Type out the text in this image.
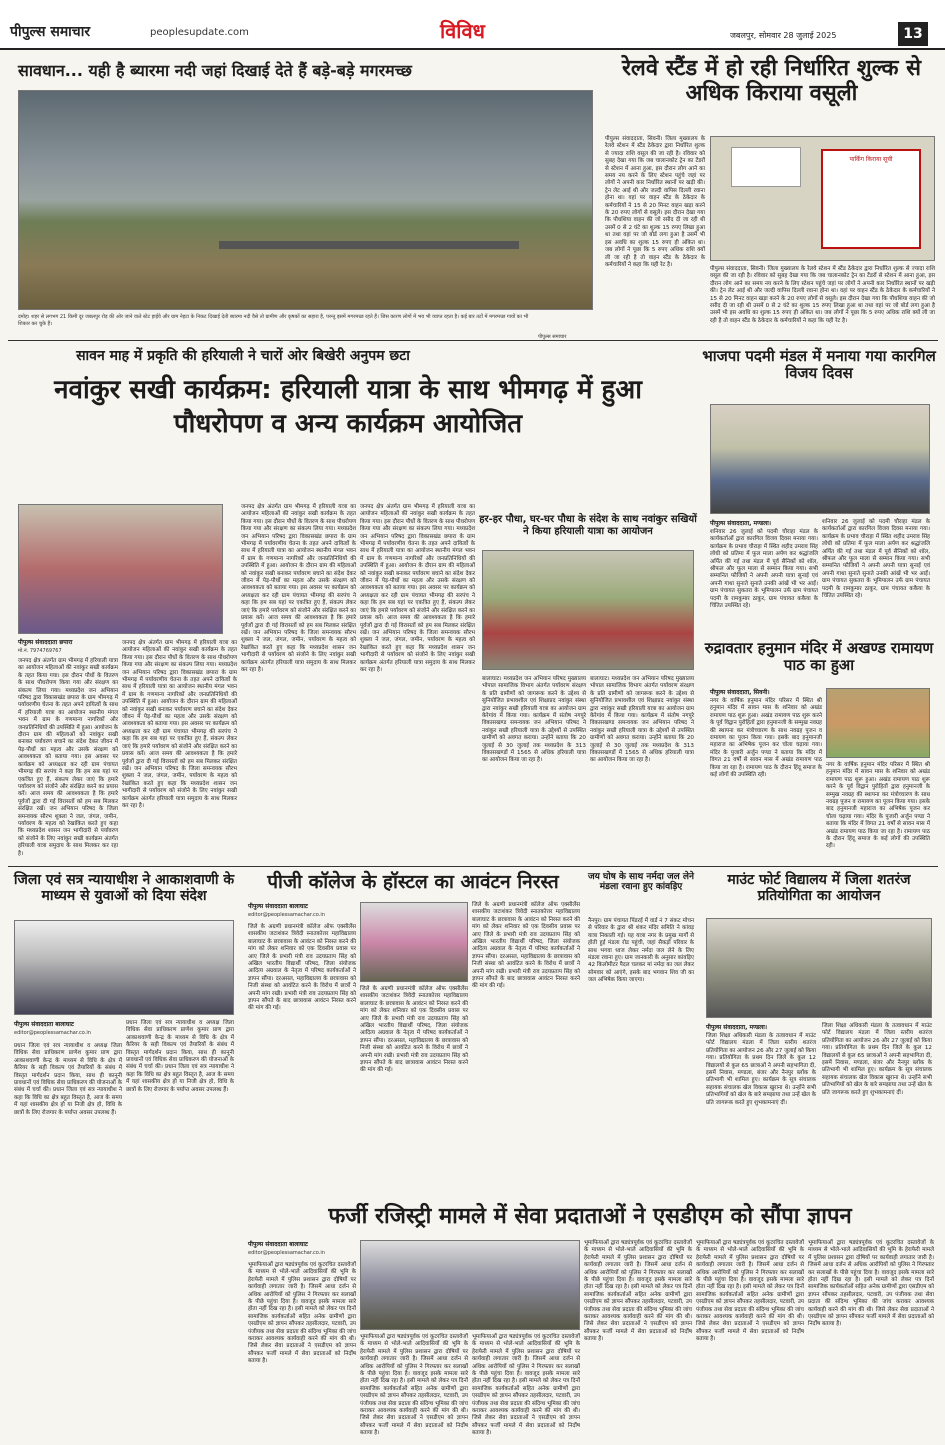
पीपुल्स समाचार	peoplesupdate.com	विविध	जबलपुर, सोमवार 28 जुलाई 2025	13
सावधान... यही है ब्यारमा नदी जहां दिखाई देते हैं बड़े-बड़े मगरमच्छ
दमोह। शहर से लगभग 21 किमी दूर जबलपुर रोड़ की ओर जाने वाले स्टेट हाईवे और ग्राम नेहटा के निकट दिखाई देती ब्यारमा नदी वैसे तो ग्रामीण और कृषकों का सहारा है, परन्तु इसमें मगरमच्छ रहते हैं। जिस कारण लोगों में भय भी व्याप्त रहता है। कई बार तटों में मगरमच्छ गायों का भी शिकार कर चुके हैं।
पीपुल्स समाचार
रेलवे स्टैंड में हो रही निर्धारित शुल्क से अधिक किराया वसूली
पार्किंग किराया सूची
पीपुल्स संवाददाता, सिवनी। जिला मुख्यालय के रेलवे स्टेशन में स्टैंड ठेकेदार द्वारा निर्धारित शुल्क से ज्यादा राशि वसूल की जा रही है। रविवार को सुबह देखा गया कि जब चालानकोट ट्रेन का टेंडरों से स्टेशन में आना हुआ, इस दौरान लोग आने का समय नय करने के लिए स्टेशन पहुंचे जहां पर लोगों ने अपनी कार निर्धारित स्थानों पर खड़ी की। ट्रेन लेट आई थी और जल्दी वापिस दिल्ली रवाना होना था। वहां पर वाहन स्टैंड के ठेकेदार के कर्मचारियों ने 15 से 20 मिनट वाहन खड़ा करने के 20 रुपए लोगों से वसूले। इस दौरान देखा गया कि पौधशिया वाहन की जो रसीद दी जा रही थी उसमें 0 से 2 घंटे का शुल्क 15 रुपए लिखा हुआ था तथा वहां पर जो बोर्ड लगा हुआ है उसमें भी इस अवधि का शुल्क 15 रुपए ही अंकित था। जब लोगों ने पूछा कि 5 रुपए अधिक राशि क्यों ली जा रही है तो वाहन स्टैंड के ठेकेदार के कर्मचारियों ने कहा कि यही रेट है।
पीपुल्स संवाददाता, सिवनी। जिला मुख्यालय के रेलवे स्टेशन में स्टैंड ठेकेदार द्वारा निर्धारित शुल्क से ज्यादा राशि वसूल की जा रही है। रविवार को सुबह देखा गया कि जब चालानकोट ट्रेन का टेंडरों से स्टेशन में आना हुआ, इस दौरान लोग आने का समय नय करने के लिए स्टेशन पहुंचे जहां पर लोगों ने अपनी कार निर्धारित स्थानों पर खड़ी की। ट्रेन लेट आई थी और जल्दी वापिस दिल्ली रवाना होना था। वहां पर वाहन स्टैंड के ठेकेदार के कर्मचारियों ने 15 से 20 मिनट वाहन खड़ा करने के 20 रुपए लोगों से वसूले। इस दौरान देखा गया कि पौधशिया वाहन की जो रसीद दी जा रही थी उसमें 0 से 2 घंटे का शुल्क 15 रुपए लिखा हुआ था तथा वहां पर जो बोर्ड लगा हुआ है उसमें भी इस अवधि का शुल्क 15 रुपए ही अंकित था। जब लोगों ने पूछा कि 5 रुपए अधिक राशि क्यों ली जा रही है तो वाहन स्टैंड के ठेकेदार के कर्मचारियों ने कहा कि यही रेट है।
सावन माह में प्रकृति की हरियाली ने चारों ओर बिखेरी अनुपम छटा
नवांकुर सखी कार्यक्रम: हरियाली यात्रा के साथ भीमगढ़ में हुआ पौधरोपण व अन्य कार्यक्रम आयोजित
पीपुल्स संवाददाता छपारा
मो.नं. 7974769767
जनपद क्षेत्र अंतर्गत ग्राम भीमगढ़ में हरियाली यात्रा का आयोजन महिलाओं की नवांकुर सखी कार्यक्रम के तहत किया गया। इस दौरान पौधों के वितरण के साथ पौधरोपण किया गया और संरक्षण का संकल्प लिया गया। मध्यप्रदेश जन अभियान परिषद द्वारा विकासखंड छपारा के ग्राम भीमगढ़ में पर्यावरणीय चेतना के तहत अपने दायित्वों के साथ में हरियाली यात्रा का आयोजन स्थानीय मंगल भवन में ग्राम के गणमान्य नागरिकों और जनप्रतिनिधियों की उपस्थिति में हुआ। आयोजन के दौरान ग्राम की महिलाओं को नवांकुर सखी बनाकर पर्यावरण बचाने का संदेश देकर जीवन में पेड़-पौधों का महत्व और उसके संरक्षण को आवश्यकता को बताया गया। इस अवसर पर कार्यक्रम को अध्यक्षता कर रही ग्राम पंचायत भीमगढ़ की सरपंच ने कहा कि हम सब यहां पर एकत्रित हुए हैं, संकल्प लेकर जाएं कि हमारे पर्यावरण को संजोने और संरक्षित करने का प्रयास करें। आज समय की आवश्यकता है कि हमारे पूर्वजों द्वारा दी गई विरासतों को हम सब मिलकर संरक्षित रखें। जन अभियान परिषद के जिला समन्वयक सौरभ शुक्ला ने जल, जंगल, जमीन, पर्यावरण के महत्व को रेखांकित करते हुए कहा कि मध्यप्रदेश शासन जन भागीदारी से पर्यावरण को संजोने के लिए नवांकुर सखी कार्यक्रम अंतर्गत हरियाली यात्रा समुदाय के साथ मिलकर कर रहा है।
जनपद क्षेत्र अंतर्गत ग्राम भीमगढ़ में हरियाली यात्रा का आयोजन महिलाओं की नवांकुर सखी कार्यक्रम के तहत किया गया। इस दौरान पौधों के वितरण के साथ पौधरोपण किया गया और संरक्षण का संकल्प लिया गया। मध्यप्रदेश जन अभियान परिषद द्वारा विकासखंड छपारा के ग्राम भीमगढ़ में पर्यावरणीय चेतना के तहत अपने दायित्वों के साथ में हरियाली यात्रा का आयोजन स्थानीय मंगल भवन में ग्राम के गणमान्य नागरिकों और जनप्रतिनिधियों की उपस्थिति में हुआ। आयोजन के दौरान ग्राम की महिलाओं को नवांकुर सखी बनाकर पर्यावरण बचाने का संदेश देकर जीवन में पेड़-पौधों का महत्व और उसके संरक्षण को आवश्यकता को बताया गया। इस अवसर पर कार्यक्रम को अध्यक्षता कर रही ग्राम पंचायत भीमगढ़ की सरपंच ने कहा कि हम सब यहां पर एकत्रित हुए हैं, संकल्प लेकर जाएं कि हमारे पर्यावरण को संजोने और संरक्षित करने का प्रयास करें। आज समय की आवश्यकता है कि हमारे पूर्वजों द्वारा दी गई विरासतों को हम सब मिलकर संरक्षित रखें। जन अभियान परिषद के जिला समन्वयक सौरभ शुक्ला ने जल, जंगल, जमीन, पर्यावरण के महत्व को रेखांकित करते हुए कहा कि मध्यप्रदेश शासन जन भागीदारी से पर्यावरण को संजोने के लिए नवांकुर सखी कार्यक्रम अंतर्गत हरियाली यात्रा समुदाय के साथ मिलकर कर रहा है।
जनपद क्षेत्र अंतर्गत ग्राम भीमगढ़ में हरियाली यात्रा का आयोजन महिलाओं की नवांकुर सखी कार्यक्रम के तहत किया गया। इस दौरान पौधों के वितरण के साथ पौधरोपण किया गया और संरक्षण का संकल्प लिया गया। मध्यप्रदेश जन अभियान परिषद द्वारा विकासखंड छपारा के ग्राम भीमगढ़ में पर्यावरणीय चेतना के तहत अपने दायित्वों के साथ में हरियाली यात्रा का आयोजन स्थानीय मंगल भवन में ग्राम के गणमान्य नागरिकों और जनप्रतिनिधियों की उपस्थिति में हुआ। आयोजन के दौरान ग्राम की महिलाओं को नवांकुर सखी बनाकर पर्यावरण बचाने का संदेश देकर जीवन में पेड़-पौधों का महत्व और उसके संरक्षण को आवश्यकता को बताया गया। इस अवसर पर कार्यक्रम को अध्यक्षता कर रही ग्राम पंचायत भीमगढ़ की सरपंच ने कहा कि हम सब यहां पर एकत्रित हुए हैं, संकल्प लेकर जाएं कि हमारे पर्यावरण को संजोने और संरक्षित करने का प्रयास करें। आज समय की आवश्यकता है कि हमारे पूर्वजों द्वारा दी गई विरासतों को हम सब मिलकर संरक्षित रखें। जन अभियान परिषद के जिला समन्वयक सौरभ शुक्ला ने जल, जंगल, जमीन, पर्यावरण के महत्व को रेखांकित करते हुए कहा कि मध्यप्रदेश शासन जन भागीदारी से पर्यावरण को संजोने के लिए नवांकुर सखी कार्यक्रम अंतर्गत हरियाली यात्रा समुदाय के साथ मिलकर कर रहा है।
जनपद क्षेत्र अंतर्गत ग्राम भीमगढ़ में हरियाली यात्रा का आयोजन महिलाओं की नवांकुर सखी कार्यक्रम के तहत किया गया। इस दौरान पौधों के वितरण के साथ पौधरोपण किया गया और संरक्षण का संकल्प लिया गया। मध्यप्रदेश जन अभियान परिषद द्वारा विकासखंड छपारा के ग्राम भीमगढ़ में पर्यावरणीय चेतना के तहत अपने दायित्वों के साथ में हरियाली यात्रा का आयोजन स्थानीय मंगल भवन में ग्राम के गणमान्य नागरिकों और जनप्रतिनिधियों की उपस्थिति में हुआ। आयोजन के दौरान ग्राम की महिलाओं को नवांकुर सखी बनाकर पर्यावरण बचाने का संदेश देकर जीवन में पेड़-पौधों का महत्व और उसके संरक्षण को आवश्यकता को बताया गया। इस अवसर पर कार्यक्रम को अध्यक्षता कर रही ग्राम पंचायत भीमगढ़ की सरपंच ने कहा कि हम सब यहां पर एकत्रित हुए हैं, संकल्प लेकर जाएं कि हमारे पर्यावरण को संजोने और संरक्षित करने का प्रयास करें। आज समय की आवश्यकता है कि हमारे पूर्वजों द्वारा दी गई विरासतों को हम सब मिलकर संरक्षित रखें। जन अभियान परिषद के जिला समन्वयक सौरभ शुक्ला ने जल, जंगल, जमीन, पर्यावरण के महत्व को रेखांकित करते हुए कहा कि मध्यप्रदेश शासन जन भागीदारी से पर्यावरण को संजोने के लिए नवांकुर सखी कार्यक्रम अंतर्गत हरियाली यात्रा समुदाय के साथ मिलकर कर रहा है।
हर-हर पौधा, घर-घर पौधा के संदेश के साथ नवांकुर सखियों ने किया हरियाली यात्रा का आयोजन
बालाघाट। मध्यप्रदेश जन अभियान परिषद मुख्यालय भोपाल सामाजिक विभाग अंतर्गत पर्यावरण संरक्षण के प्रति ग्रामीणों को जागरूक करने के उद्देश्य से सुनियोजित प्रभावशील एवं शिक्षाप्रद नवांकुर संस्था द्वारा नवांकुर सखी हरियाली यात्रा का आयोजन ग्राम केरेगांव में किया गया। कार्यक्रम में संतोष नगपुरे विकासखण्ड समन्वयक जन अभियान परिषद ने नवांकुर सखी हरियाली यात्रा के उद्देश्यों से उपस्थित ग्रामीणों को अवगत कराया। उन्होंने बताया कि 20 जुलाई से 30 जुलाई तक मध्यप्रदेश के 313 विकासखण्डों में 1565 से अधिक हरियाली यात्रा का आयोजन किया जा रहा है।
बालाघाट। मध्यप्रदेश जन अभियान परिषद मुख्यालय भोपाल सामाजिक विभाग अंतर्गत पर्यावरण संरक्षण के प्रति ग्रामीणों को जागरूक करने के उद्देश्य से सुनियोजित प्रभावशील एवं शिक्षाप्रद नवांकुर संस्था द्वारा नवांकुर सखी हरियाली यात्रा का आयोजन ग्राम केरेगांव में किया गया। कार्यक्रम में संतोष नगपुरे विकासखण्ड समन्वयक जन अभियान परिषद ने नवांकुर सखी हरियाली यात्रा के उद्देश्यों से उपस्थित ग्रामीणों को अवगत कराया। उन्होंने बताया कि 20 जुलाई से 30 जुलाई तक मध्यप्रदेश के 313 विकासखण्डों में 1565 से अधिक हरियाली यात्रा का आयोजन किया जा रहा है।
भाजपा पदमी मंडल में मनाया गया कारगिल विजय दिवस
पीपुल्स संवाददाता, मण्डला।
शनिवार 26 जुलाई को पदमी चौराहा मंडल के कार्यकर्ताओं द्वारा कारगिल विजय दिवस मनाया गया। कार्यक्रम के प्रभाव चौराहा में स्थित शहीद उमराव सिंह लोधी को प्रतिमा में फूल माला अर्पण कर श्रद्धांजलि अर्पित की गई तथा मंडल में पूर्व सैनिकों को शॉल, श्रीफल और फूल माला से सम्मान किया गया। सभी सम्मानित फौजियों ने अपनी अपनी यात्रा सुनाई एवं अपनी गाथा सुनाते सुनाते उनकी आंखें भी भर आईं। ग्राम पंचायत सुकतरा के भूमिपालन उर्फ ग्राम पंचायत पदमी के रामकुमार ठाकुर, ग्राम पंचायत ककैया के चिंतित उपस्थित रहे।
शनिवार 26 जुलाई को पदमी चौराहा मंडल के कार्यकर्ताओं द्वारा कारगिल विजय दिवस मनाया गया। कार्यक्रम के प्रभाव चौराहा में स्थित शहीद उमराव सिंह लोधी को प्रतिमा में फूल माला अर्पण कर श्रद्धांजलि अर्पित की गई तथा मंडल में पूर्व सैनिकों को शॉल, श्रीफल और फूल माला से सम्मान किया गया। सभी सम्मानित फौजियों ने अपनी अपनी यात्रा सुनाई एवं अपनी गाथा सुनाते सुनाते उनकी आंखें भी भर आईं। ग्राम पंचायत सुकतरा के भूमिपालन उर्फ ग्राम पंचायत पदमी के रामकुमार ठाकुर, ग्राम पंचायत ककैया के चिंतित उपस्थित रहे।
रुद्रावतार हनुमान मंदिर में अखण्ड रामायण पाठ का हुआ
पीपुल्स संवाददाता, सिवनी।
नगर के वार्षिक हनुमान मंदिर परिसर में स्थित श्री हनुमान मंदिर में सावन मास के शनिवार को अखंड रामायण पाठ शुरू हुआ। अखंड रामायण पाठ शुरू करने के पूर्व विद्वान पुरोहितों द्वारा हनुमानजी के सम्मुख नवग्रह की स्थापना कर मंत्रोच्चारण के साथ नवग्रह पूजन व रामायण का पूजन किया गया। इसके बाद हनुमानजी महाराज का अभिषेक पूजन कर चोला चढ़ाया गया। मंदिर के पुजारी अर्जुन पण्डा ने बताया कि मंदिर में विगत 21 वर्षों से सावन मास में अखंड रामायण पाठ किया जा रहा है। रामायण पाठ के दौरान हिंदू समाज के कई लोगों की उपस्थिति रही।
नगर के वार्षिक हनुमान मंदिर परिसर में स्थित श्री हनुमान मंदिर में सावन मास के शनिवार को अखंड रामायण पाठ शुरू हुआ। अखंड रामायण पाठ शुरू करने के पूर्व विद्वान पुरोहितों द्वारा हनुमानजी के सम्मुख नवग्रह की स्थापना कर मंत्रोच्चारण के साथ नवग्रह पूजन व रामायण का पूजन किया गया। इसके बाद हनुमानजी महाराज का अभिषेक पूजन कर चोला चढ़ाया गया। मंदिर के पुजारी अर्जुन पण्डा ने बताया कि मंदिर में विगत 21 वर्षों से सावन मास में अखंड रामायण पाठ किया जा रहा है। रामायण पाठ के दौरान हिंदू समाज के कई लोगों की उपस्थिति रही।
जिला एवं सत्र न्यायाधीश ने आकाशवाणी के माध्यम से युवाओं को दिया संदेश
पीपुल्स संवाददाता बालाघाट
editor@peoplessamachar.co.in
प्रधान जिला एवं सत्र न्यायाधीश व अध्यक्ष जिला विधिक सेवा प्राधिकरण प्राणेश कुमार प्राण द्वारा आकाशवाणी केन्द्र के माध्यम से विधि के क्षेत्र में कैरियर के सही विकल्प एवं तैयारियों के संबंध में विस्तृत मार्गदर्शन प्रदान किया, साथ ही कानूनी प्रावधानों एवं विधिक सेवा प्राधिकरण की योजनाओं के संबंध में चर्चा की। प्रधान जिला एवं सत्र न्यायाधीश ने कहा कि विधि का क्षेत्र बहुत विस्तृत है, आज के समय में यहां शासकीय क्षेत्र हो या निजी क्षेत्र हो, विधि के छात्रों के लिए रोजगार के पर्याप्त अवसर उपलब्ध हैं।
प्रधान जिला एवं सत्र न्यायाधीश व अध्यक्ष जिला विधिक सेवा प्राधिकरण प्राणेश कुमार प्राण द्वारा आकाशवाणी केन्द्र के माध्यम से विधि के क्षेत्र में कैरियर के सही विकल्प एवं तैयारियों के संबंध में विस्तृत मार्गदर्शन प्रदान किया, साथ ही कानूनी प्रावधानों एवं विधिक सेवा प्राधिकरण की योजनाओं के संबंध में चर्चा की। प्रधान जिला एवं सत्र न्यायाधीश ने कहा कि विधि का क्षेत्र बहुत विस्तृत है, आज के समय में यहां शासकीय क्षेत्र हो या निजी क्षेत्र हो, विधि के छात्रों के लिए रोजगार के पर्याप्त अवसर उपलब्ध हैं।
पीजी कॉलेज के हॉस्टल का आवंटन निरस्त
पीपुल्स संवाददाता बालाघाट
editor@peoplessamachar.co.in
जिले के अग्रणी प्रधानमंत्री कॉलेज ऑफ एक्सीलेंस शासकीय जटाशंकर त्रिवेदी स्नातकोत्तर महाविद्यालय बालाघाट के छात्रावास के आवंटन को निरस्त करने की मांग को लेकर शनिवार को एक दिवसीय प्रवास पर आए जिले के प्रभारी मंत्री राव उदयप्रताप सिंह को अखिल भारतीय विद्यार्थी परिषद, जिला संयोजक आदित्य अग्रवाल के नेतृत्व में परिषद कार्यकर्ताओं ने ज्ञापन सौंपा। दरअसल, महाविद्यालय के छात्रावास को निजी संस्था को आवंटित करने के विरोध में छात्रों ने अपनी मांग रखी। प्रभारी मंत्री राव उदयप्रताप सिंह को ज्ञापन सौंपते के बाद छात्रावास आवंटन निरस्त करने की मांग की गई।
जिले के अग्रणी प्रधानमंत्री कॉलेज ऑफ एक्सीलेंस शासकीय जटाशंकर त्रिवेदी स्नातकोत्तर महाविद्यालय बालाघाट के छात्रावास के आवंटन को निरस्त करने की मांग को लेकर शनिवार को एक दिवसीय प्रवास पर आए जिले के प्रभारी मंत्री राव उदयप्रताप सिंह को अखिल भारतीय विद्यार्थी परिषद, जिला संयोजक आदित्य अग्रवाल के नेतृत्व में परिषद कार्यकर्ताओं ने ज्ञापन सौंपा। दरअसल, महाविद्यालय के छात्रावास को निजी संस्था को आवंटित करने के विरोध में छात्रों ने अपनी मांग रखी। प्रभारी मंत्री राव उदयप्रताप सिंह को ज्ञापन सौंपते के बाद छात्रावास आवंटन निरस्त करने की मांग की गई।
जिले के अग्रणी प्रधानमंत्री कॉलेज ऑफ एक्सीलेंस शासकीय जटाशंकर त्रिवेदी स्नातकोत्तर महाविद्यालय बालाघाट के छात्रावास के आवंटन को निरस्त करने की मांग को लेकर शनिवार को एक दिवसीय प्रवास पर आए जिले के प्रभारी मंत्री राव उदयप्रताप सिंह को अखिल भारतीय विद्यार्थी परिषद, जिला संयोजक आदित्य अग्रवाल के नेतृत्व में परिषद कार्यकर्ताओं ने ज्ञापन सौंपा। दरअसल, महाविद्यालय के छात्रावास को निजी संस्था को आवंटित करने के विरोध में छात्रों ने अपनी मांग रखी। प्रभारी मंत्री राव उदयप्रताप सिंह को ज्ञापन सौंपते के बाद छात्रावास आवंटन निरस्त करने की मांग की गई।
जय घोष के साथ नर्मदा जल लेने मंडला रवाना हुए कांवड़िए
नैनपुर। ग्राम पंचायत पिंडरई में वार्ड नं 7 संकट मोचन से परिवार के द्वारा श्री शंकर मंदिर समिति ने कांवड़ यात्रा निकाली गई। यह यात्रा नगर के प्रमुख मार्गों से होती हुई मंडला रोड पहुंची, जहां सैकड़ों परिवार के साथ भगवा ध्वज लेकर नर्मदा जल लेने के लिए मंडला रवाना हुए। ग्राम जानकारी के अनुसार कांवड़िए 42 किलोमीटर पैदल चलकर मां नर्मदा का जल लेकर सोमवार को आएंगे, इसके बाद भगवान शिव जी का जल अभिषेक किया जाएगा।
माउंट फोर्ट विद्यालय में जिला शतरंज प्रतियोगिता का आयोजन
पीपुल्स संवाददाता, मण्डला।
जिला शिक्षा अधिकारी मंडला के तत्वावधान में माउंट फोर्ट विद्यालय मंडला में जिला स्तरीय शतरंज प्रतियोगिता का आयोजन 26 और 27 जुलाई को किया गया। प्रतियोगिता के प्रथम दिन जिले के कुल 12 विद्यालयों से कुल 65 छात्राओं ने अपनी सहभागिता दी, इसमें निवास, मण्डला, बंजर और नैनपुर ब्लॉक के प्रतिभागी भी शामिल हुए। कार्यक्रम के सूत्र संचालक सहायक संचालक खेल विकास खुराना थे। उन्होंने सभी प्रतिभागियों को खेल के बारे समझाया तथा उन्हें खेल के प्रति जागरूक करते हुए शुभकामनाएं दीं।
जिला शिक्षा अधिकारी मंडला के तत्वावधान में माउंट फोर्ट विद्यालय मंडला में जिला स्तरीय शतरंज प्रतियोगिता का आयोजन 26 और 27 जुलाई को किया गया। प्रतियोगिता के प्रथम दिन जिले के कुल 12 विद्यालयों से कुल 65 छात्राओं ने अपनी सहभागिता दी, इसमें निवास, मण्डला, बंजर और नैनपुर ब्लॉक के प्रतिभागी भी शामिल हुए। कार्यक्रम के सूत्र संचालक सहायक संचालक खेल विकास खुराना थे। उन्होंने सभी प्रतिभागियों को खेल के बारे समझाया तथा उन्हें खेल के प्रति जागरूक करते हुए शुभकामनाएं दीं।
फर्जी रजिस्ट्री मामले में सेवा प्रदाताओं ने एसडीएम को सौंपा ज्ञापन
पीपुल्स संवाददाता बालाघाट
editor@peoplessamachar.co.in
भूमाफियाओं द्वारा षड्यंत्रपूर्वक एवं कूटरचित दस्तावेजों के माध्यम से भोले-भाले आदिवासियों की भूमि के हेराफेरी मामले में पुलिस प्रशासन द्वारा दोषियों पर कार्यवाही लगातार जारी है। जिसमें आधा दर्जन से अधिक आरोपियों को पुलिस ने गिरफ्तार कर सलाखों के पीछे पहुंचा दिया है। वावजूद इसके मामला सारे होता नहीं दिख रहा है। इसी मामले को लेकर पत्र दिनों सामाजिक कार्यकर्ताओं सहित अनेक ग्रामीणों द्वारा एसडीएम को ज्ञापन सौंपकर तहसीलदार, पटवारी, उप पंजीयक तथा सेवा प्रदाता की संदिग्ध भूमिका की जांच कराकर आवश्यक कार्यवाही करने की मांग की थी। जिसे लेकर सेवा प्रदाताओं ने एसडीएम को ज्ञापन सौंपकर फर्जी मामले में सेवा प्रदाताओं को निर्दोष बताया है।
भूमाफियाओं द्वारा षड्यंत्रपूर्वक एवं कूटरचित दस्तावेजों के माध्यम से भोले-भाले आदिवासियों की भूमि के हेराफेरी मामले में पुलिस प्रशासन द्वारा दोषियों पर कार्यवाही लगातार जारी है। जिसमें आधा दर्जन से अधिक आरोपियों को पुलिस ने गिरफ्तार कर सलाखों के पीछे पहुंचा दिया है। वावजूद इसके मामला सारे होता नहीं दिख रहा है। इसी मामले को लेकर पत्र दिनों सामाजिक कार्यकर्ताओं सहित अनेक ग्रामीणों द्वारा एसडीएम को ज्ञापन सौंपकर तहसीलदार, पटवारी, उप पंजीयक तथा सेवा प्रदाता की संदिग्ध भूमिका की जांच कराकर आवश्यक कार्यवाही करने की मांग की थी। जिसे लेकर सेवा प्रदाताओं ने एसडीएम को ज्ञापन सौंपकर फर्जी मामले में सेवा प्रदाताओं को निर्दोष बताया है।
भूमाफियाओं द्वारा षड्यंत्रपूर्वक एवं कूटरचित दस्तावेजों के माध्यम से भोले-भाले आदिवासियों की भूमि के हेराफेरी मामले में पुलिस प्रशासन द्वारा दोषियों पर कार्यवाही लगातार जारी है। जिसमें आधा दर्जन से अधिक आरोपियों को पुलिस ने गिरफ्तार कर सलाखों के पीछे पहुंचा दिया है। वावजूद इसके मामला सारे होता नहीं दिख रहा है। इसी मामले को लेकर पत्र दिनों सामाजिक कार्यकर्ताओं सहित अनेक ग्रामीणों द्वारा एसडीएम को ज्ञापन सौंपकर तहसीलदार, पटवारी, उप पंजीयक तथा सेवा प्रदाता की संदिग्ध भूमिका की जांच कराकर आवश्यक कार्यवाही करने की मांग की थी। जिसे लेकर सेवा प्रदाताओं ने एसडीएम को ज्ञापन सौंपकर फर्जी मामले में सेवा प्रदाताओं को निर्दोष बताया है।
भूमाफियाओं द्वारा षड्यंत्रपूर्वक एवं कूटरचित दस्तावेजों के माध्यम से भोले-भाले आदिवासियों की भूमि के हेराफेरी मामले में पुलिस प्रशासन द्वारा दोषियों पर कार्यवाही लगातार जारी है। जिसमें आधा दर्जन से अधिक आरोपियों को पुलिस ने गिरफ्तार कर सलाखों के पीछे पहुंचा दिया है। वावजूद इसके मामला सारे होता नहीं दिख रहा है। इसी मामले को लेकर पत्र दिनों सामाजिक कार्यकर्ताओं सहित अनेक ग्रामीणों द्वारा एसडीएम को ज्ञापन सौंपकर तहसीलदार, पटवारी, उप पंजीयक तथा सेवा प्रदाता की संदिग्ध भूमिका की जांच कराकर आवश्यक कार्यवाही करने की मांग की थी। जिसे लेकर सेवा प्रदाताओं ने एसडीएम को ज्ञापन सौंपकर फर्जी मामले में सेवा प्रदाताओं को निर्दोष बताया है।
भूमाफियाओं द्वारा षड्यंत्रपूर्वक एवं कूटरचित दस्तावेजों के माध्यम से भोले-भाले आदिवासियों की भूमि के हेराफेरी मामले में पुलिस प्रशासन द्वारा दोषियों पर कार्यवाही लगातार जारी है। जिसमें आधा दर्जन से अधिक आरोपियों को पुलिस ने गिरफ्तार कर सलाखों के पीछे पहुंचा दिया है। वावजूद इसके मामला सारे होता नहीं दिख रहा है। इसी मामले को लेकर पत्र दिनों सामाजिक कार्यकर्ताओं सहित अनेक ग्रामीणों द्वारा एसडीएम को ज्ञापन सौंपकर तहसीलदार, पटवारी, उप पंजीयक तथा सेवा प्रदाता की संदिग्ध भूमिका की जांच कराकर आवश्यक कार्यवाही करने की मांग की थी। जिसे लेकर सेवा प्रदाताओं ने एसडीएम को ज्ञापन सौंपकर फर्जी मामले में सेवा प्रदाताओं को निर्दोष बताया है।
भूमाफियाओं द्वारा षड्यंत्रपूर्वक एवं कूटरचित दस्तावेजों के माध्यम से भोले-भाले आदिवासियों की भूमि के हेराफेरी मामले में पुलिस प्रशासन द्वारा दोषियों पर कार्यवाही लगातार जारी है। जिसमें आधा दर्जन से अधिक आरोपियों को पुलिस ने गिरफ्तार कर सलाखों के पीछे पहुंचा दिया है। वावजूद इसके मामला सारे होता नहीं दिख रहा है। इसी मामले को लेकर पत्र दिनों सामाजिक कार्यकर्ताओं सहित अनेक ग्रामीणों द्वारा एसडीएम को ज्ञापन सौंपकर तहसीलदार, पटवारी, उप पंजीयक तथा सेवा प्रदाता की संदिग्ध भूमिका की जांच कराकर आवश्यक कार्यवाही करने की मांग की थी। जिसे लेकर सेवा प्रदाताओं ने एसडीएम को ज्ञापन सौंपकर फर्जी मामले में सेवा प्रदाताओं को निर्दोष बताया है।
